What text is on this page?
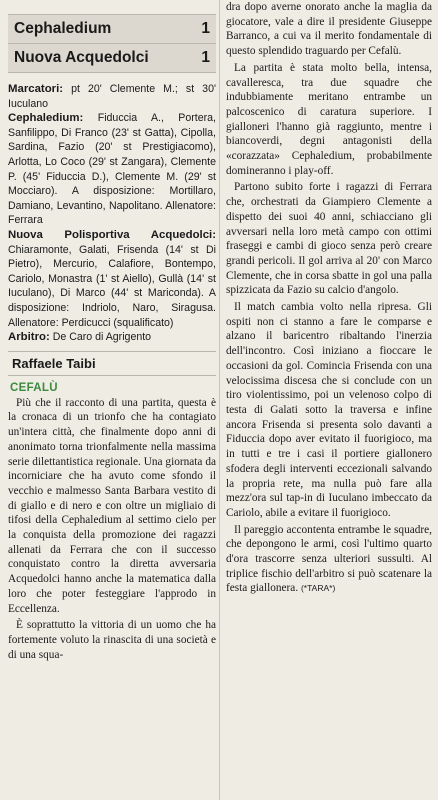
Cephaledium	1
Nuova Acquedolci	1

Marcatori: pt 20' Clemente M.; st 30' Iuculano

Cephaledium: Fiduccia A., Portera, Sanfilippo, Di Franco (23' st Gatta), Cipolla, Sardina, Fazio (20' st Prestigiacomo), Arlotta, Lo Coco (29' st Zangara), Clemente P. (45' Fiduccia D.), Clemente M. (29' st Mocciaro). A disposizione: Mortillaro, Damiano, Levantino, Napolitano. Allenatore: Ferrara

Nuova Polisportiva Acquedolci: Chiaramonte, Galati, Frisenda (14' st Di Pietro), Mercurio, Calafiore, Bontempo, Cariolo, Monastra (1' st Aiello), Gullà (14' st Iuculano), Di Marco (44' st Mariconda). A disposizione: Indriolo, Naro, Siragusa. Allenatore: Perdicucci (squalificato)

Arbitro: De Caro di Agrigento

Raffaele Taibi
CEFALÙ

Più che il racconto di una partita, questa è la cronaca di un trionfo che ha contagiato un'intera città, che finalmente dopo anni di anonimato torna trionfalmente nella massima serie dilettantistica regionale. Una giornata da incorniciare che ha avuto come sfondo il vecchio e malmesso Santa Barbara vestito di di giallo e di nero e con oltre un migliaio di tifosi della Cephaledium al settimo cielo per la conquista della promozione dei ragazzi allenati da Ferrara che con il successo conquistato contro la diretta avversaria Acquedolci hanno anche la matematica dalla loro che poter festeggiare l'approdo in Eccellenza.

È soprattutto la vittoria di un uomo che ha fortemente voluto la rinascita di una società e di una squa-

dra dopo averne onorato anche la maglia da giocatore, vale a dire il presidente Giuseppe Barranco, a cui va il merito fondamentale di questo splendido traguardo per Cefalù.

La partita è stata molto bella, intensa, cavalleresca, tra due squadre che indubbiamente meritano entrambe un palcoscenico di caratura superiore. I gialloneri l'hanno già raggiunto, mentre i biancoverdi, degni antagonisti della «corazzata» Cephaledium, probabilmente domineranno i play-off.

Partono subito forte i ragazzi di Ferrara che, orchestrati da Giampiero Clemente a dispetto dei suoi 40 anni, schiacciano gli avversari nella loro metà campo con ottimi fraseggi e cambi di gioco senza però creare grandi pericoli. Il gol arriva al 20' con Marco Clemente, che in corsa sbatte in gol una palla spizzicata da Fazio su calcio d'angolo.

Il match cambia volto nella ripresa. Gli ospiti non ci stanno a fare le comparse e alzano il baricentro ribaltando l'inerzia dell'incontro. Così iniziano a fioccare le occasioni da gol. Comincia Frisenda con una velocissima discesa che si conclude con un tiro violentissimo, poi un velenoso colpo di testa di Galati sotto la traversa e infine ancora Frisenda si presenta solo davanti a Fiduccia dopo aver evitato il fuorigioco, ma in tutti e tre i casi il portiere giallonero sfodera degli interventi eccezionali salvando la propria rete, ma nulla può fare alla mezz'ora sul tap-in di Iuculano imbeccato da Cariolo, abile a evitare il fuorigioco.

Il pareggio accontenta entrambe le squadre, che depongono le armi, così l'ultimo quarto d'ora trascorre senza ulteriori sussulti. Al triplice fischio dell'arbitro si può scatenare la festa giallonera. (*TARA*)
